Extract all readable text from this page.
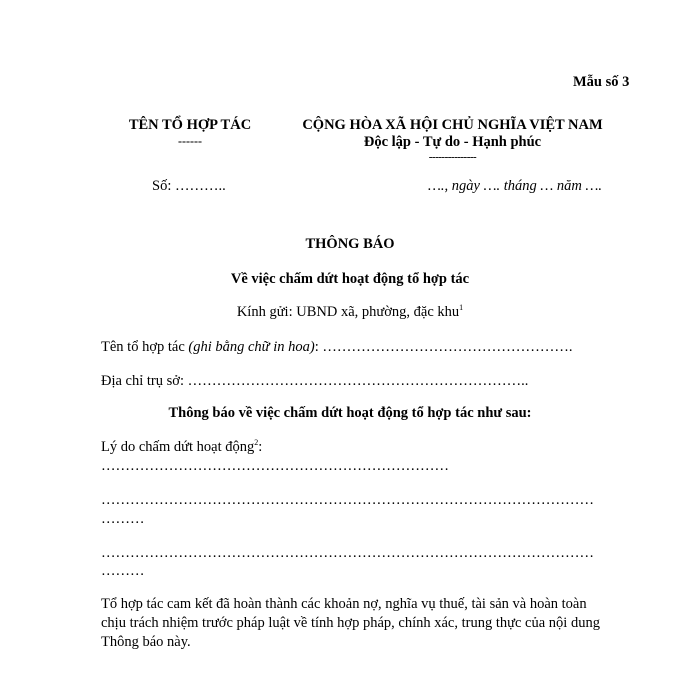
Mẫu số 3
TÊN TỔ HỢP TÁC
------
CỘNG HÒA XÃ HỘI CHỦ NGHĨA VIỆT NAM
Độc lập - Tự do - Hạnh phúc
---------------
Số: ………..	…., ngày …. tháng … năm ….
THÔNG BÁO
Về việc chấm dứt hoạt động tổ hợp tác
Kính gửi: UBND xã, phường, đặc khu$^1$
Tên tổ hợp tác (ghi bằng chữ in hoa): …………………………………………….
Địa chỉ trụ sở: ……………………………………………………………..
Thông báo về việc chấm dứt hoạt động tổ hợp tác như sau:
Lý do chấm dứt hoạt động$^2$:
………………………………………………………………
…………………………………………………………………………………………
………
…………………………………………………………………………………………
………
Tổ hợp tác cam kết đã hoàn thành các khoản nợ, nghĩa vụ thuế, tài sản và hoàn toàn
chịu trách nhiệm trước pháp luật về tính hợp pháp, chính xác, trung thực của nội dung
Thông báo này.
